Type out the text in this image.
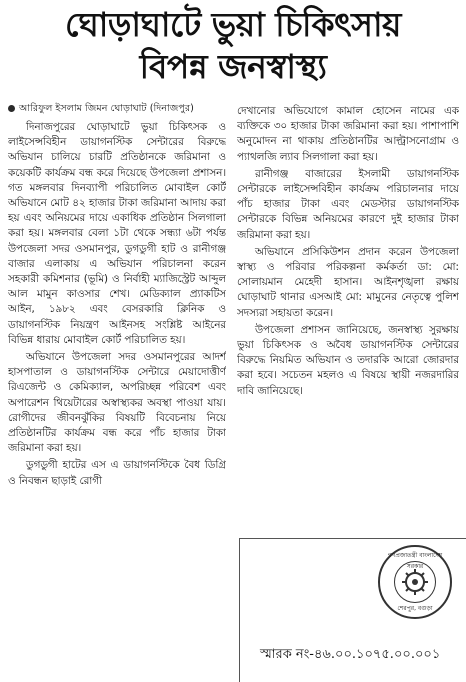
ঘোড়াঘাটে ভুয়া চিকিৎসায়
বিপন্ন জনস্বাস্থ্য
আরিফুল ইসলাম জিমন ঘোড়াঘাট (দিনাজপুর)

দিনাজপুরের ঘোড়াঘাটে ভুয়া চিকিৎসক ও লাইসেন্সবিহীন ডায়াগনস্টিক সেন্টারের বিরুদ্ধে অভিযান চালিয়ে চারটি প্রতিষ্ঠানকে জরিমানা ও কয়েকটি কার্যক্রম বন্ধ করে দিয়েছে উপজেলা প্রশাসন। গত মঙ্গলবার দিনব্যাপী পরিচালিত মোবাইল কোর্ট অভিযানে মোট ৪২ হাজার টাকা জরিমানা আদায় করা হয় এবং অনিয়মের দায়ে একাধিক প্রতিষ্ঠান সিলগালা করা হয়। মঙ্গলবার বেলা ১টা থেকে সন্ধ্যা ৬টা পর্যন্ত উপজেলা সদর ওসমানপুর, ডুগডুগী হাট ও রানীগঞ্জ বাজার এলাকায় এ অভিযান পরিচালনা করেন সহকারী কমিশনার (ভূমি) ও নির্বাহী ম্যাজিস্ট্রেট আব্দুল আল মামুন কাওসার শেখ। মেডিক্যাল প্র্যাকটিস আইন, ১৯৮২ এবং বেসরকারি ক্লিনিক ও ডায়াগনস্টিক নিয়ন্ত্রণ আইনসহ সংশ্লিষ্ট আইনের বিভিন্ন ধারায় মোবাইল কোর্ট পরিচালিত হয়।

অভিযানে উপজেলা সদর ওসমানপুরের আদর্শ হাসপাতাল ও ডায়াগনস্টিক সেন্টারে মেয়াদোত্তীর্ণ রিএজেন্ট ও কেমিক্যাল, অপরিচ্ছন্ন পরিবেশ এবং অপারেশন থিয়েটারের অস্বাস্থ্যকর অবস্থা পাওয়া যায়। রোগীদের জীবনঝুঁকির বিষয়টি বিবেচনায় নিয়ে প্রতিষ্ঠানটির কার্যক্রম বন্ধ করে পাঁচ হাজার টাকা জরিমানা করা হয়।

ডুগডুগী হাটের এস এ ডায়াগনস্টিকে বৈধ ডিগ্রি ও নিবন্ধন ছাড়াই রোগী

দেখানোর অভিযোগে কামাল হোসেন নামের এক ব্যক্তিকে ৩০ হাজার টাকা জরিমানা করা হয়। পাশাপাশি অনুমোদন না থাকায় প্রতিষ্ঠানটির আল্ট্রাসনোগ্রাম ও প্যাথলজি ল্যাব সিলগালা করা হয়।

রানীগঞ্জ বাজারের ইসলামী ডায়াগনস্টিক সেন্টারকে লাইসেন্সবিহীন কার্যক্রম পরিচালনার দায়ে পাঁচ হাজার টাকা এবং মেডস্টার ডায়াগনস্টিক সেন্টারকে বিভিন্ন অনিয়মের কারণে দুই হাজার টাকা জরিমানা করা হয়।

অভিযানে প্রসিকিউশন প্রদান করেন উপজেলা স্বাস্থ্য ও পরিবার পরিকল্পনা কর্মকর্তা ডা: মো: সোলায়মান মেহেদী হাসান। আইনশৃঙ্খলা রক্ষায় ঘোড়াঘাট থানার এসআই মো: মামুনের নেতৃত্বে পুলিশ সদস্যরা সহায়তা করেন।

উপজেলা প্রশাসন জানিয়েছে, জনস্বাস্থ্য সুরক্ষায় ভুয়া চিকিৎসক ও অবৈধ ডায়াগনস্টিক সেন্টারের বিরুদ্ধে নিয়মিত অভিযান ও তদারকি আরো জোরদার করা হবে। সচেতন মহলও এ বিষয়ে স্থায়ী নজরদারির দাবি জানিয়েছে।

গণপ্রজাতন্ত্রী বাংলাদেশ সরকার
শেরপুর, বগুড়া
স্মারক নং-৪৬.০০.১০৭৫.০০.০০১
